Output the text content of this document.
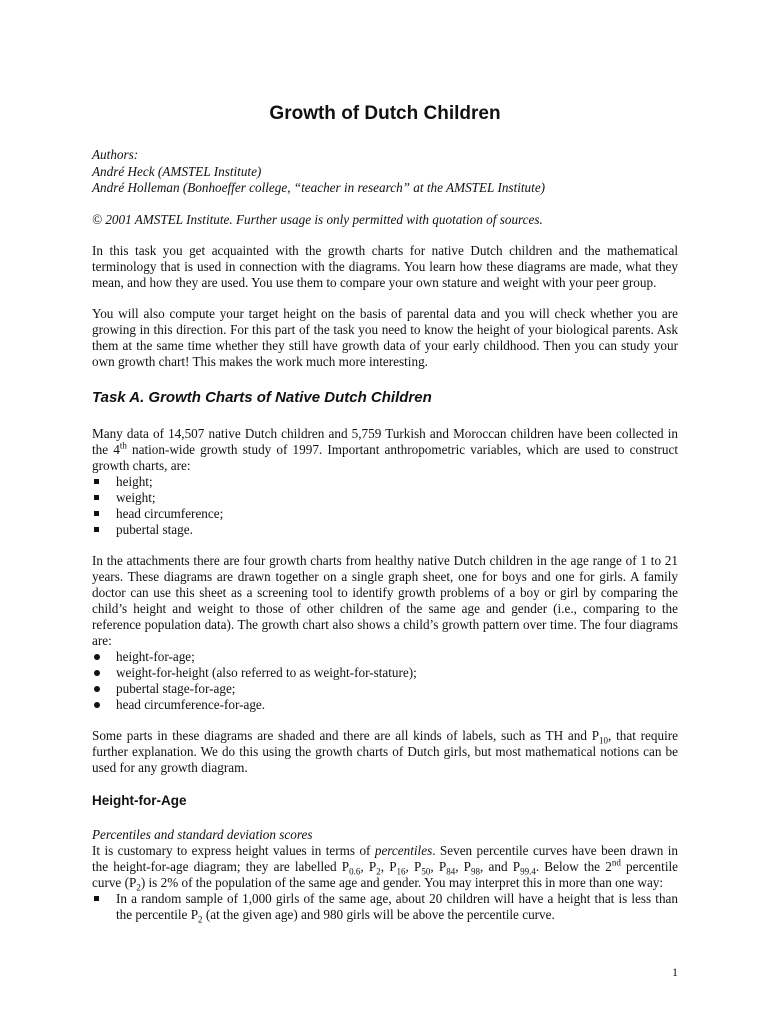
Growth of Dutch Children
Authors:
André Heck (AMSTEL Institute)
André Holleman (Bonhoeffer college, “teacher in research” at the AMSTEL Institute)
© 2001 AMSTEL Institute. Further usage is only permitted with quotation of sources.

In this task you get acquainted with the growth charts for native Dutch children and the mathematical terminology that is used in connection with the diagrams. You learn how these diagrams are made, what they mean, and how they are used. You use them to compare your own stature and weight with your peer group.

You will also compute your target height on the basis of parental data and you will check whether you are growing in this direction. For this part of the task you need to know the height of your biological parents. Ask them at the same time whether they still have growth data of your early childhood. Then you can study your own growth chart! This makes the work much more interesting.

Task A. Growth Charts of Native Dutch Children

Many data of 14,507 native Dutch children and 5,759 Turkish and Moroccan children have been collected in the 4th nation-wide growth study of 1997. Important anthropometric variables, which are used to construct growth charts, are:

height;
weight;
head circumference;
pubertal stage.

In the attachments there are four growth charts from healthy native Dutch children in the age range of 1 to 21 years. These diagrams are drawn together on a single graph sheet, one for boys and one for girls. A family doctor can use this sheet as a screening tool to identify growth problems of a boy or girl by comparing the child’s height and weight to those of other children of the same age and gender (i.e., comparing to the reference population data). The growth chart also shows a child’s growth pattern over time. The four diagrams are:

height-for-age;
weight-for-height (also referred to as weight-for-stature);
pubertal stage-for-age;
head circumference-for-age.

Some parts in these diagrams are shaded and there are all kinds of labels, such as TH and $P_{10}$, that require further explanation. We do this using the growth charts of Dutch girls, but most mathematical notions can be used for any growth diagram.

Height-for-Age
Percentiles and standard deviation scores

It is customary to express height values in terms of percentiles. Seven percentile curves have been drawn in the height-for-age diagram; they are labelled $P_{0.6}$, $P_2$, $P_{16}$, $P_{50}$, $P_{84}$, $P_{98}$, and $P_{99.4}$. Below the 2nd percentile curve $(P_2)$ is 2% of the population of the same age and gender. You may interpret this in more than one way:

In a random sample of 1,000 girls of the same age, about 20 children will have a height that is less than the percentile $P_2$ (at the given age) and 980 girls will be above the percentile curve.
1
